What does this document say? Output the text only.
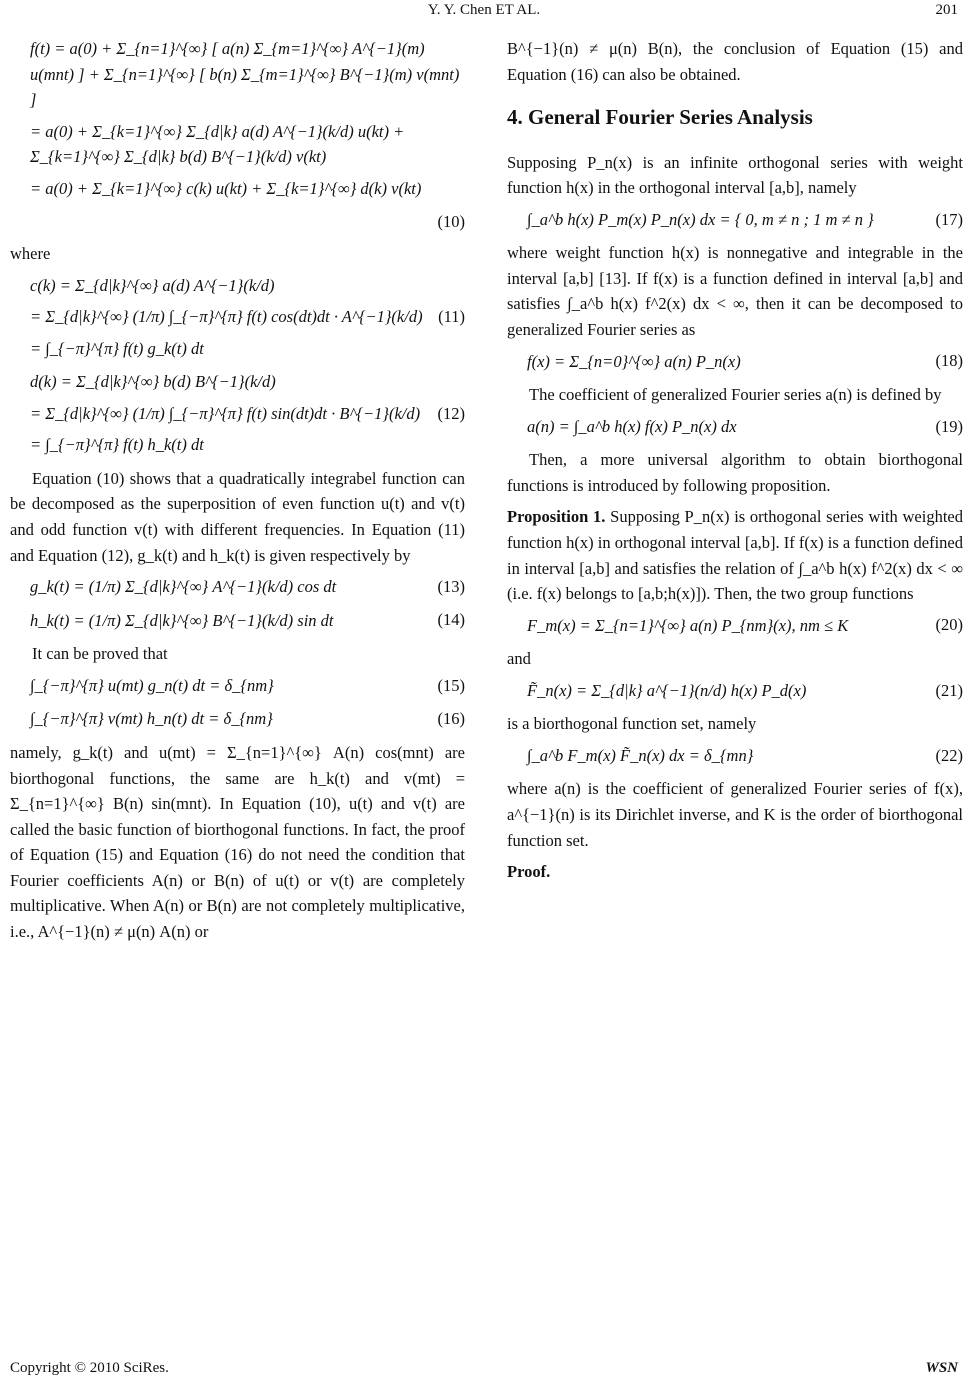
Y. Y. Chen ET AL.	201
f(t) = a(0) + Σ_{n=1}^{∞} [ a(n) Σ_{m=1}^{∞} A^{−1}(m) u(mnt) ] + Σ_{n=1}^{∞} [ b(n) Σ_{m=1}^{∞} B^{−1}(m) v(mnt) ]
= a(0) + Σ_{k=1}^{∞} Σ_{d|k} a(d) A^{−1}(k/d) u(kt) + Σ_{k=1}^{∞} Σ_{d|k} b(d) B^{−1}(k/d) v(kt)
= a(0) + Σ_{k=1}^{∞} c(k) u(kt) + Σ_{k=1}^{∞} d(k) v(kt)
(10)

where

c(k) = Σ_{d|k}^{∞} a(d) A^{−1}(k/d)
= Σ_{d|k}^{∞} (1/π) ∫_{−π}^{π} f(t) cos(dt)dt · A^{−1}(k/d)
= ∫_{−π}^{π} f(t) g_k(t) dt
(11)
d(k) = Σ_{d|k}^{∞} b(d) B^{−1}(k/d)
= Σ_{d|k}^{∞} (1/π) ∫_{−π}^{π} f(t) sin(dt)dt · B^{−1}(k/d)
= ∫_{−π}^{π} f(t) h_k(t) dt
(12)

Equation (10) shows that a quadratically integrabel function can be decomposed as the superposition of even function u(t) and v(t) and odd function v(t) with different frequencies. In Equation (11) and Equation (12), g_k(t) and h_k(t) is given respectively by

g_k(t) = (1/π) Σ_{d|k}^{∞} A^{−1}(k/d) cos dt	(13)
h_k(t) = (1/π) Σ_{d|k}^{∞} B^{−1}(k/d) sin dt	(14)

It can be proved that

∫_{−π}^{π} u(mt) g_n(t) dt = δ_{nm}	(15)
∫_{−π}^{π} v(mt) h_n(t) dt = δ_{nm}	(16)

namely, g_k(t) and u(mt) = Σ_{n=1}^{∞} A(n) cos(mnt) are biorthogonal functions, the same are h_k(t) and v(mt) = Σ_{n=1}^{∞} B(n) sin(mnt). In Equation (10), u(t) and v(t) are called the basic function of biorthogonal functions. In fact, the proof of Equation (15) and Equation (16) do not need the condition that Fourier coefficients A(n) or B(n) of u(t) or v(t) are completely multiplicative. When A(n) or B(n) are not completely multiplicative, i.e., A^{−1}(n) ≠ μ(n) A(n) or

B^{−1}(n) ≠ μ(n) B(n), the conclusion of Equation (15) and Equation (16) can also be obtained.

4. General Fourier Series Analysis

Supposing P_n(x) is an infinite orthogonal series with weight function h(x) in the orthogonal interval [a,b], namely

∫_a^b h(x) P_m(x) P_n(x) dx = { 0, m ≠ n ; 1 m ≠ n }	(17)

where weight function h(x) is nonnegative and integrable in the interval [a,b] [13]. If f(x) is a function defined in interval [a,b] and satisfies ∫_a^b h(x) f^2(x) dx < ∞, then it can be decomposed to generalized Fourier series as

f(x) = Σ_{n=0}^{∞} a(n) P_n(x)	(18)

The coefficient of generalized Fourier series a(n) is defined by

a(n) = ∫_a^b h(x) f(x) P_n(x) dx	(19)

Then, a more universal algorithm to obtain biorthogonal functions is introduced by following proposition.

Proposition 1. Supposing P_n(x) is orthogonal series with weighted function h(x) in orthogonal interval [a,b]. If f(x) is a function defined in interval [a,b] and satisfies the relation of ∫_a^b h(x) f^2(x) dx < ∞ (i.e. f(x) belongs to [a,b;h(x)]). Then, the two group functions

F_m(x) = Σ_{n=1}^{∞} a(n) P_{nm}(x), nm ≤ K	(20)

and

F̃_n(x) = Σ_{d|k} a^{−1}(n/d) h(x) P_d(x)	(21)

is a biorthogonal function set, namely

∫_a^b F_m(x) F̃_n(x) dx = δ_{mn}	(22)

where a(n) is the coefficient of generalized Fourier series of f(x), a^{−1}(n) is its Dirichlet inverse, and K is the order of biorthogonal function set.

Proof.

Copyright © 2010 SciRes.	WSN
